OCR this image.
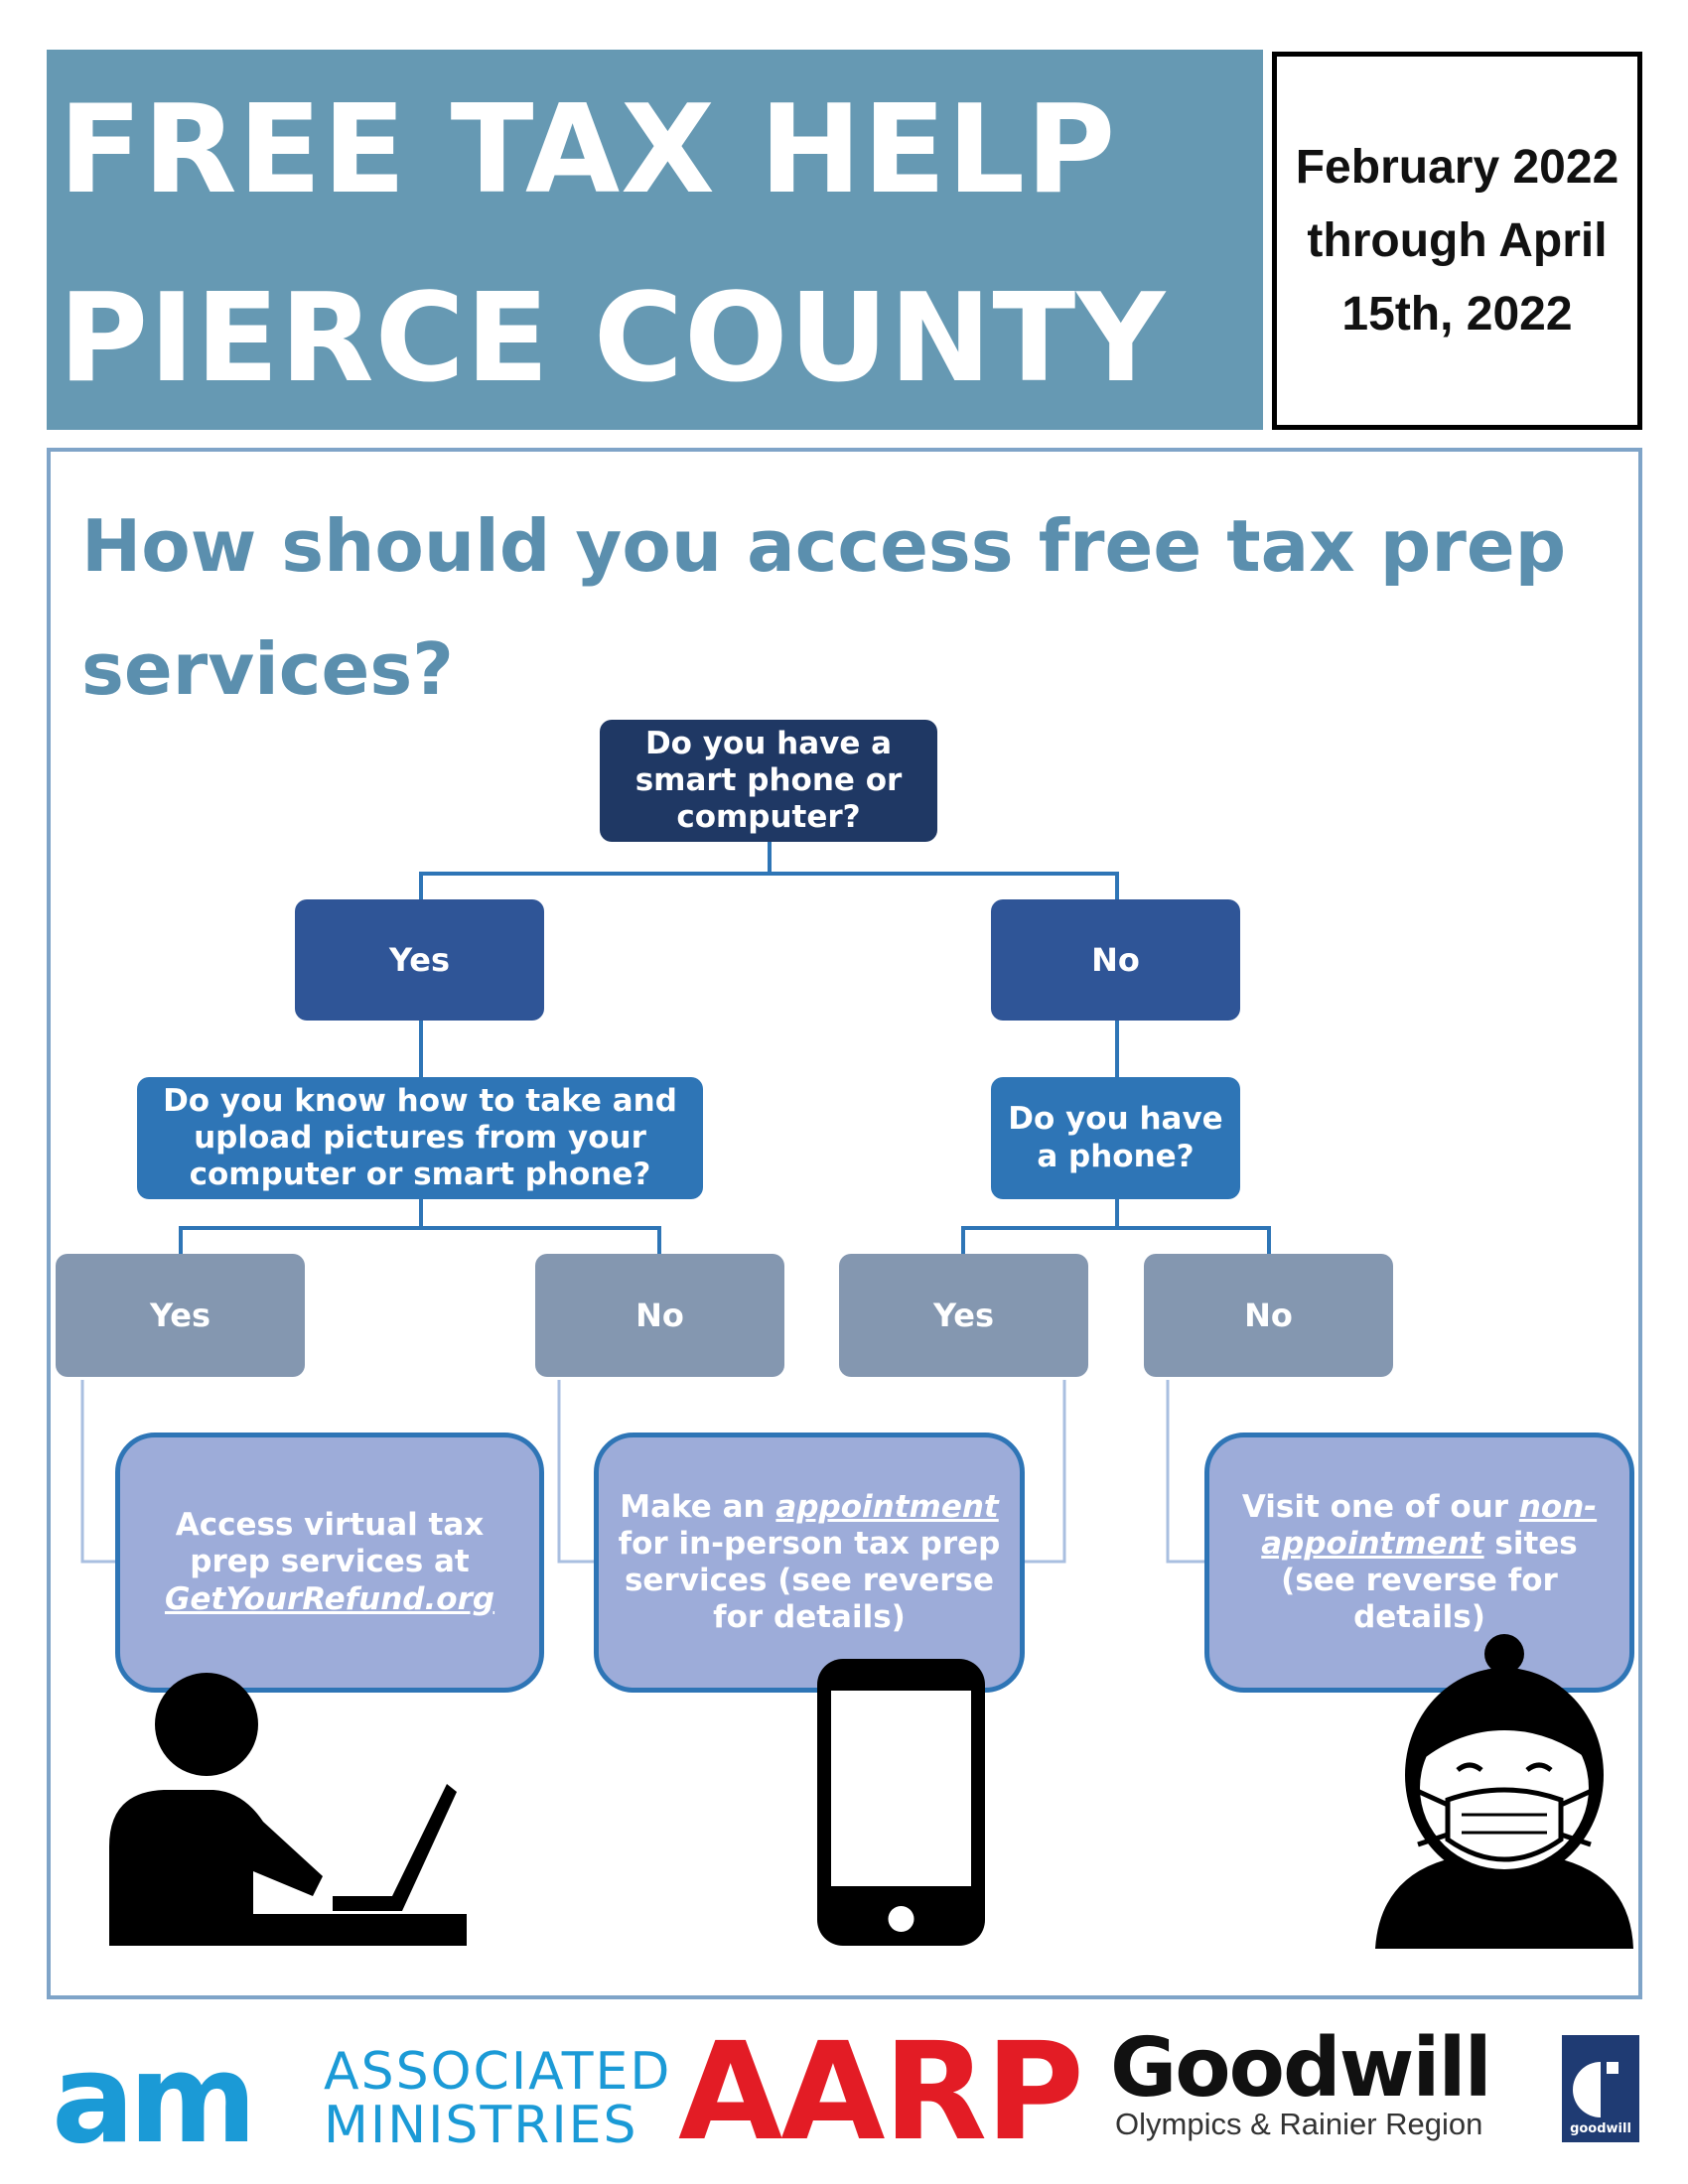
FREE TAX HELP
PIERCE COUNTY
February 2022
through April
15th, 2022
How should you access free tax prep services?
Do you have a smart phone or computer?
Yes	No
Do you know how to take and upload pictures from your computer or smart phone?
Do you have a phone?
Yes	No	Yes	No
Access virtual tax prep services at GetYourRefund.org
Make an appointment for in-person tax prep services (see reverse for details)
Visit one of our non-appointment sites (see reverse for details)
am ASSOCIATED
MINISTRIES AARP Goodwill
Olympics & Rainier Region	goodwill
